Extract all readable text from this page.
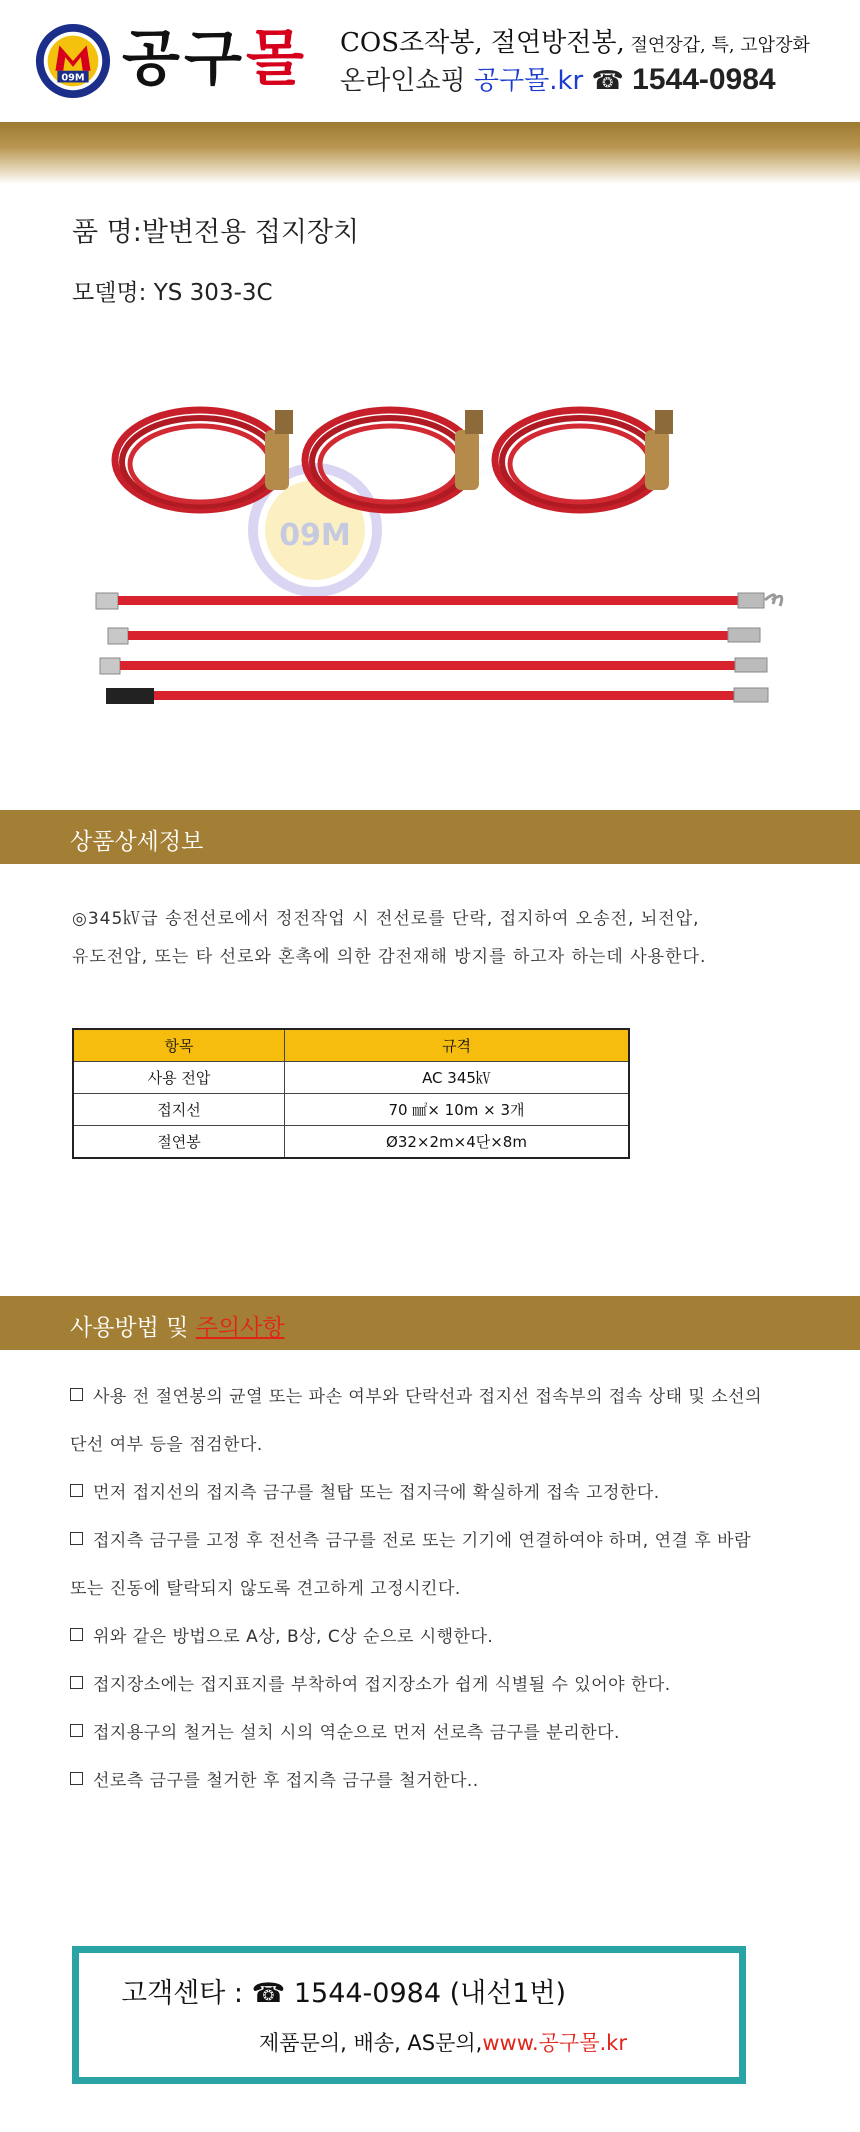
09M 공구몰 COS조작봉, 절연방전봉, 절연장갑, 특, 고압장화
온라인쇼핑 공구몰.kr ☎ 1544-0984
품 명:발변전용 접지장치
모델명: YS 303-3C
09M
상품상세정보
◎345㎸급 송전선로에서 정전작업 시 전선로를 단락, 접지하여 오송전, 뇌전압,
유도전압, 또는 타 선로와 혼촉에 의한 감전재해 방지를 하고자 하는데 사용한다.
항목	규격
사용 전압	AC 345㎸
접지선	70 ㎟× 10m × 3개
절연봉	Ø32×2m×4단×8m
사용방법 및 주의사항
사용 전 절연봉의 균열 또는 파손 여부와 단락선과 접지선 접속부의 접속 상태 및 소선의
단선 여부 등을 점검한다.
먼저 접지선의 접지측 금구를 철탑 또는 접지극에 확실하게 접속 고정한다.
접지측 금구를 고정 후 전선측 금구를 전로 또는 기기에 연결하여야 하며, 연결 후 바람
또는 진동에 탈락되지 않도록 견고하게 고정시킨다.
위와 같은 방법으로 A상, B상, C상 순으로 시행한다.
접지장소에는 접지표지를 부착하여 접지장소가 쉽게 식별될 수 있어야 한다.
접지용구의 철거는 설치 시의 역순으로 먼저 선로측 금구를 분리한다.
선로측 금구를 철거한 후 접지측 금구를 철거한다..
고객센타 : ☎ 1544-0984 (내선1번)
제품문의, 배송, AS문의,www.공구몰.kr
